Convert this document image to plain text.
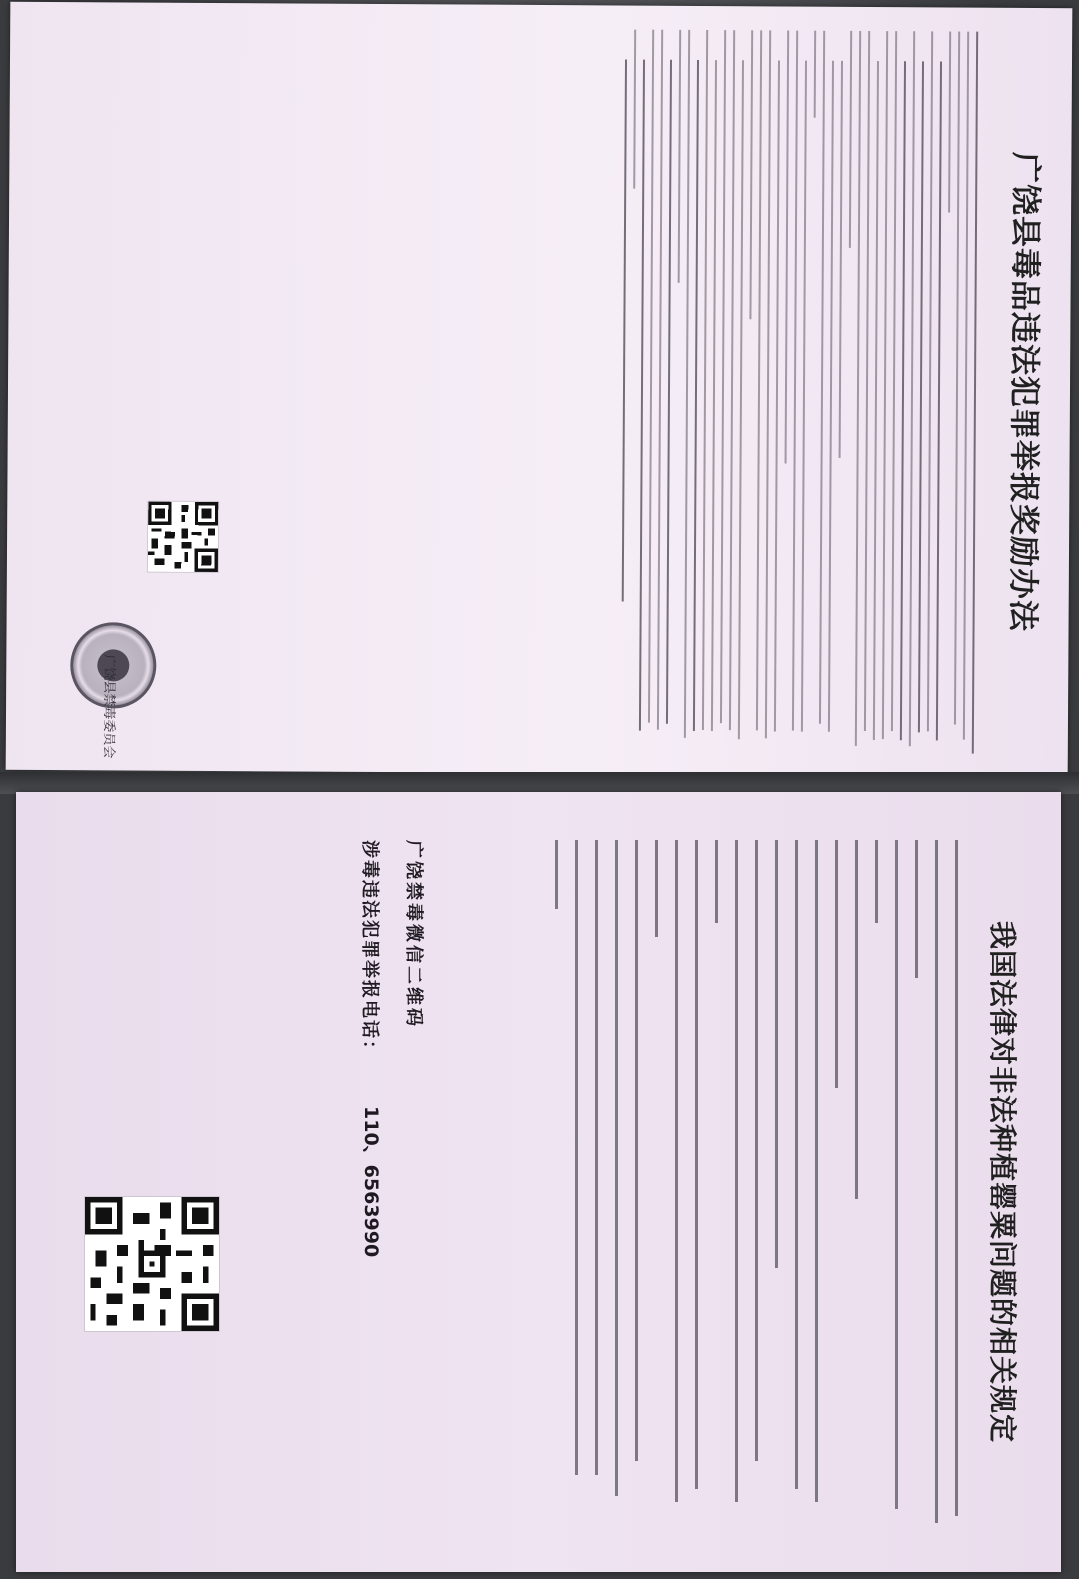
广饶县毒品违法犯罪举报奖励办法
广饶县禁毒委员会
我国法律对非法种植罂粟问题的相关规定
广饶禁毒微信二维码
涉毒违法犯罪举报电话：
110、6563990
